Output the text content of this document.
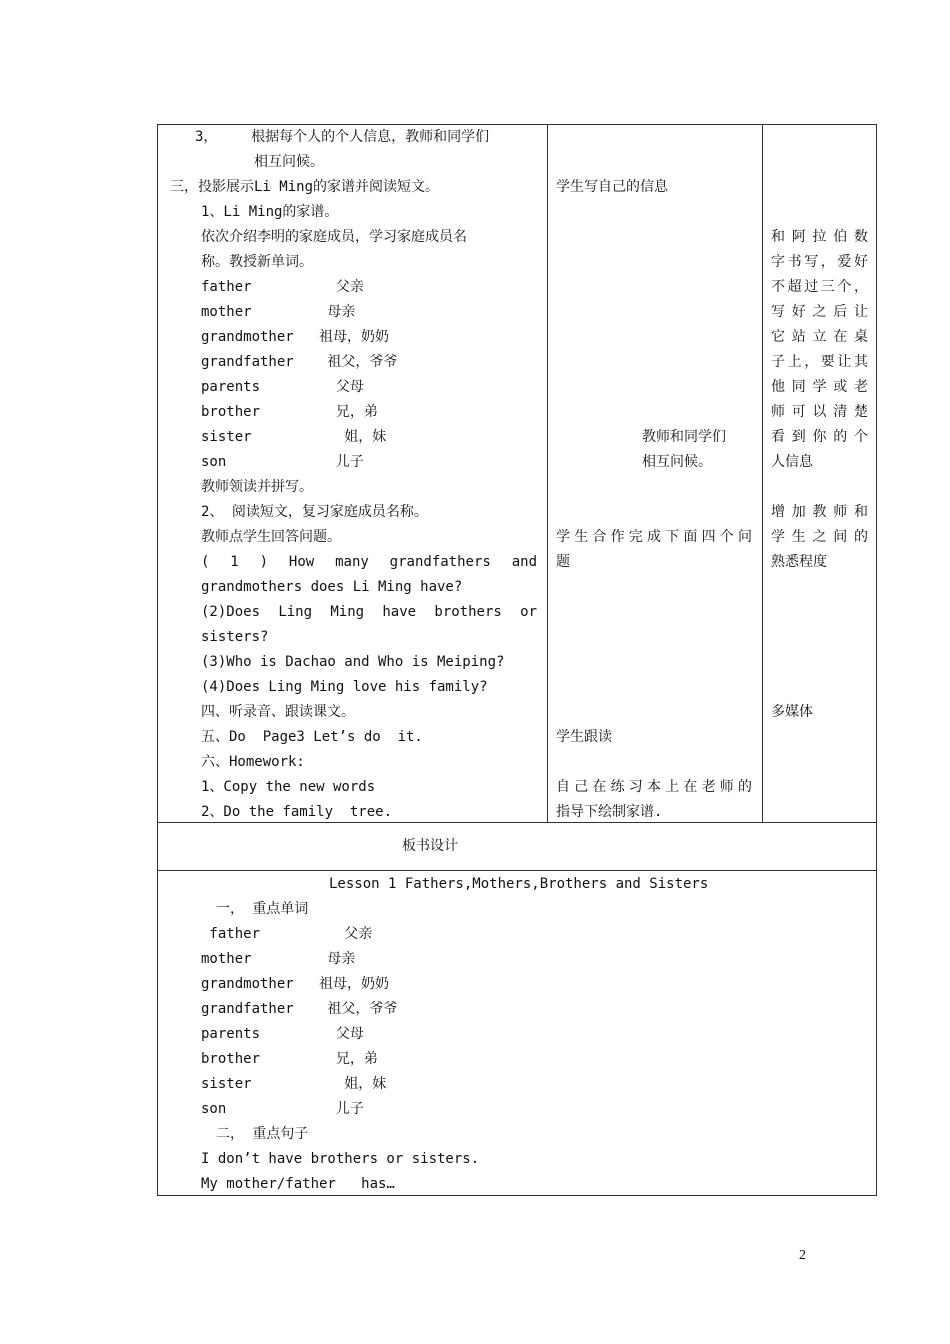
3，    根据每个人的个人信息，教师和同学们
相互问候。
三，投影展示Li Ming的家谱并阅读短文。
1、Li Ming的家谱。
依次介绍李明的家庭成员，学习家庭成员名
称。教授新单词。
father          父亲
mother         母亲
grandmother   祖母，奶奶
grandfather    祖父，爷爷
parents         父母
brother         兄，弟
sister           姐，妹
son             儿子
教师领读并拼写。
2、 阅读短文，复习家庭成员名称。
教师点学生回答问题。
( 1 ) How many grandfathers and
grandmothers does Li Ming have?
(2)Does Ling Ming have brothers or
sisters?
(3)Who is Dachao and Who is Meiping?
(4)Does Ling Ming love his family?
四、听录音、跟读课文。
五、Do  Page3 Let’s do  it.
六、Homework:
1、Copy the new words
2、Do the family  tree.
学生写自己的信息
教师和同学们
相互问候。
学生合作完成下面四个问
题
学生跟读
自己在练习本上在老师的
指导下绘制家谱.
和阿拉伯数
字书写，爱好
不超过三个，
写好之后让
它站立在桌
子上，要让其
他同学或老
师可以清楚
看到你的个
人信息
增加教师和
学生之间的
熟悉程度
多媒体
板书设计
Lesson 1 Fathers,Mothers,Brothers and Sisters
一， 重点单词
father          父亲
mother         母亲
grandmother   祖母，奶奶
grandfather    祖父，爷爷
parents         父母
brother         兄，弟
sister           姐，妹
son             儿子
二， 重点句子
I don’t have brothers or sisters.
My mother/father   has…
2
